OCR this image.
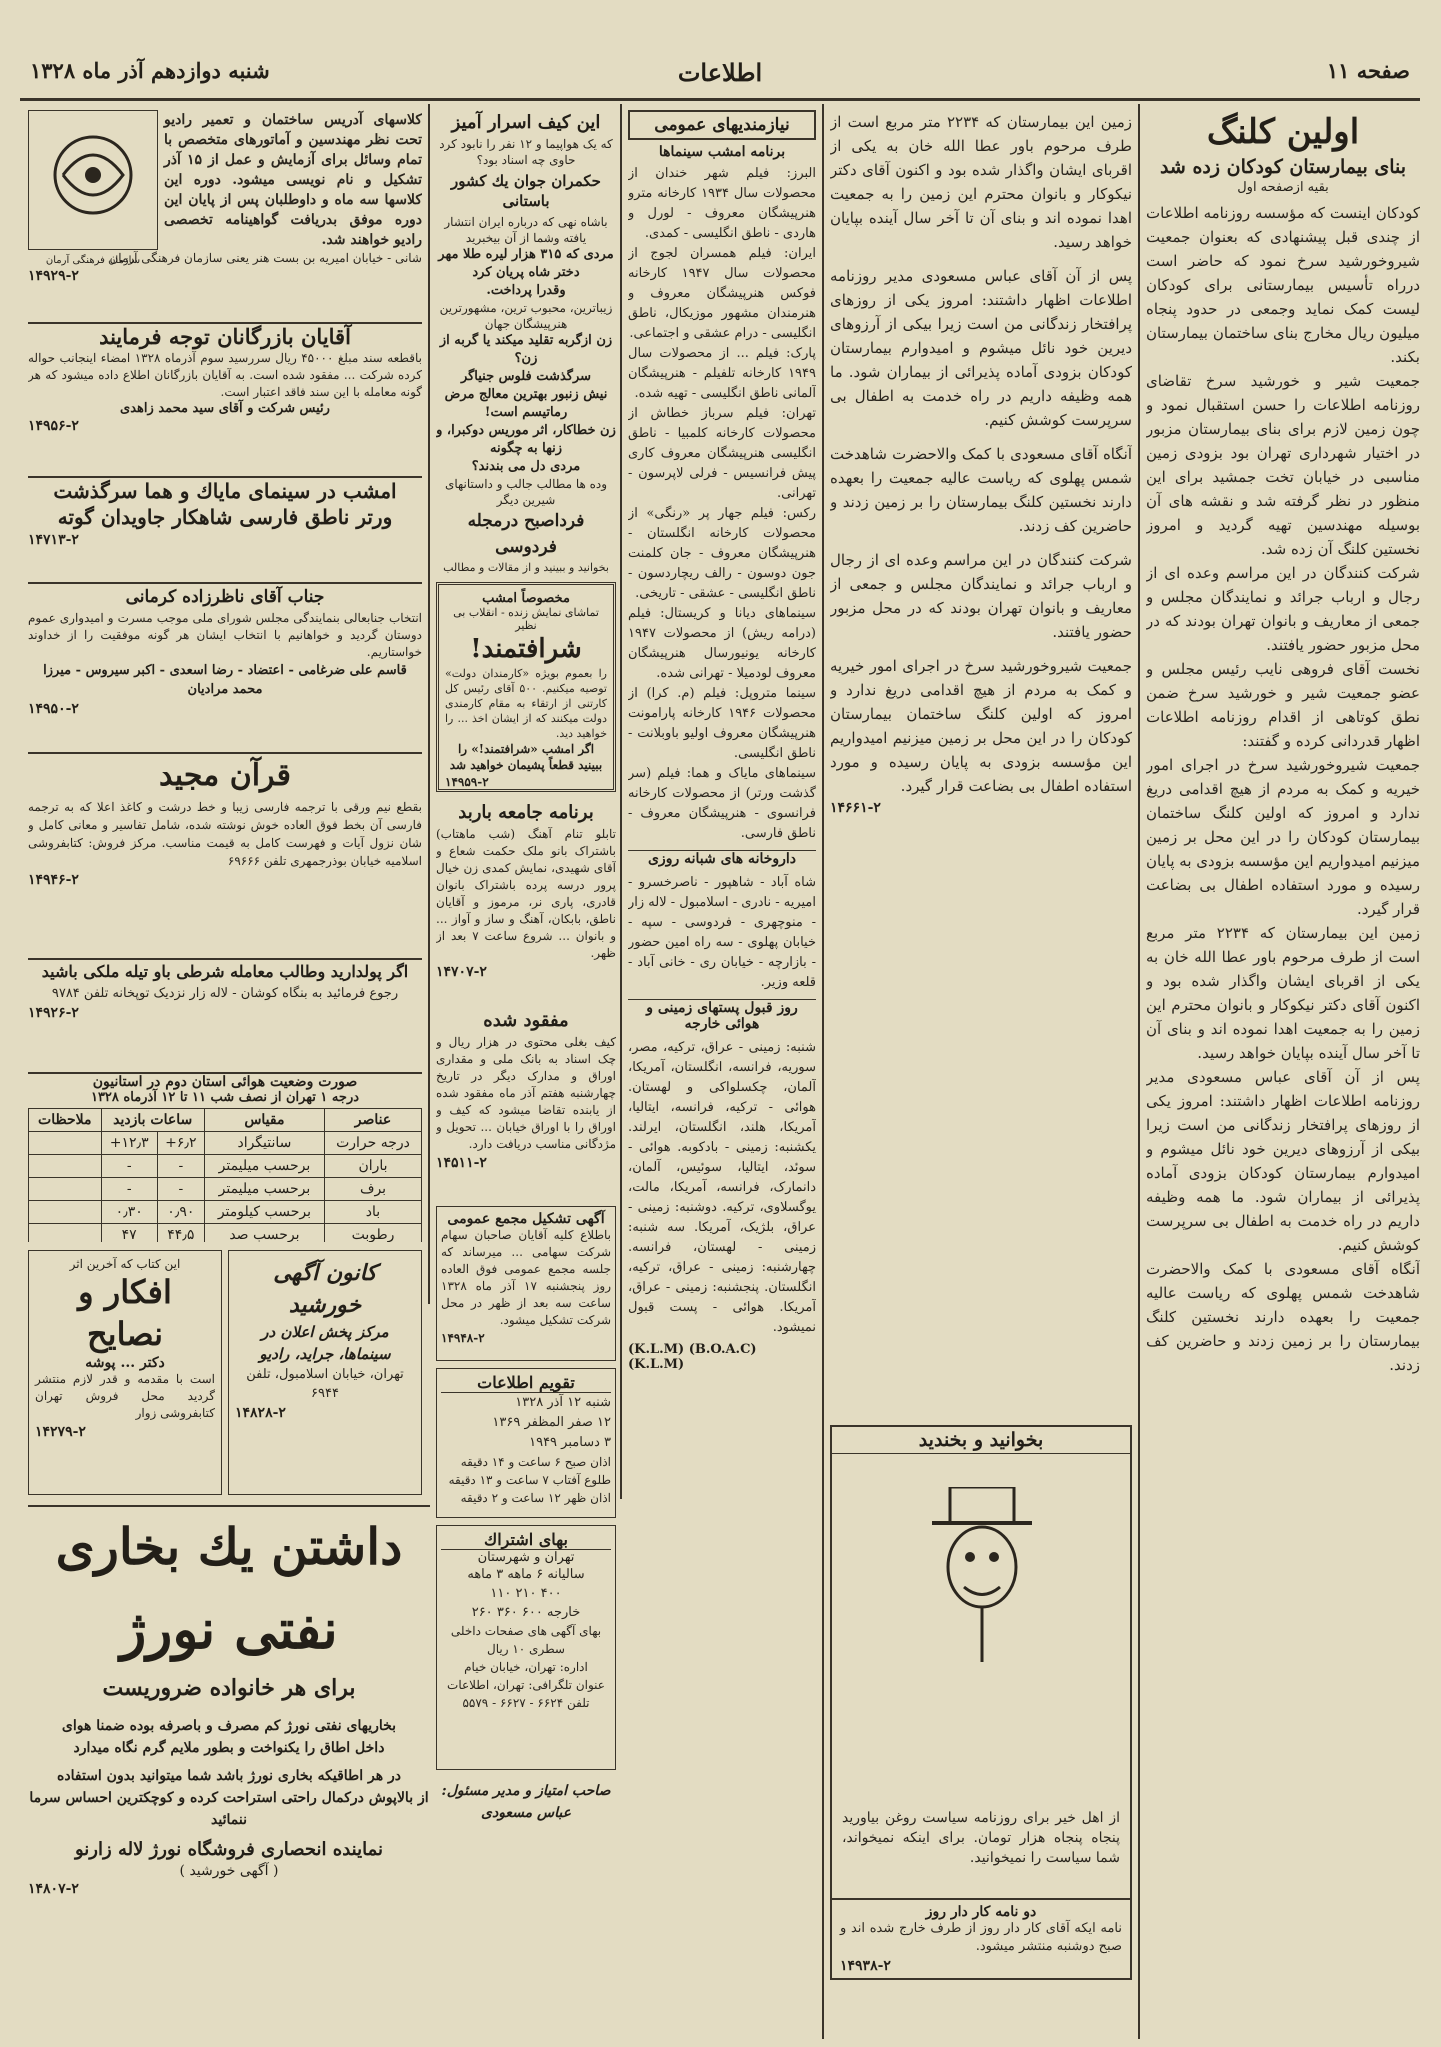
شنبه دوازدهم آذر ماه ۱۳۲۸	اطلاعات	صفحه ۱۱
اولین کلنگ
بنای بیمارستان کودکان زده شد
بقیه ازصفحه اول

کودکان اینست که مؤسسه روزنامه اطلاعات از چندی قبل پیشنهادی که بعنوان جمعیت شیروخورشید سرخ نمود که حاضر است درراه تأسیس بیمارستانی برای کودکان لیست کمک نماید وجمعی در حدود پنجاه میلیون ریال مخارج بنای ساختمان بیمارستان بکند.

جمعیت شیر و خورشید سرخ تقاضای روزنامه اطلاعات را حسن استقبال نمود و چون زمین لازم برای بنای بیمارستان مزبور در اختیار شهرداری تهران بود بزودی زمین مناسبی در خیابان تخت جمشید برای این منظور در نظر گرفته شد و نقشه های آن بوسیله مهندسین تهیه گردید و امروز نخستین کلنگ آن زده شد.

شرکت کنندگان در این مراسم وعده ای از رجال و ارباب جرائد و نمایندگان مجلس و جمعی از معاریف و بانوان تهران بودند که در محل مزبور حضور یافتند.

نخست آقای فروهی نایب رئیس مجلس و عضو جمعیت شیر و خورشید سرخ ضمن نطق کوتاهی از اقدام روزنامه اطلاعات اظهار قدردانی کرده و گفتند:

جمعیت شیروخورشید سرخ در اجرای امور خیریه و کمک به مردم از هیچ اقدامی دریغ ندارد و امروز که اولین کلنگ ساختمان بیمارستان کودکان را در این محل بر زمین میزنیم امیدواریم این مؤسسه بزودی به پایان رسیده و مورد استفاده اطفال بی بضاعت قرار گیرد.

زمین این بیمارستان که ۲۲۳۴ متر مربع است از طرف مرحوم باور عطا الله خان به یکی از اقربای ایشان واگذار شده بود و اکنون آقای دکتر نیکوکار و بانوان محترم این زمین را به جمعیت اهدا نموده اند و بنای آن تا آخر سال آینده بپایان خواهد رسید.

پس از آن آقای عباس مسعودی مدیر روزنامه اطلاعات اظهار داشتند: امروز یکی از روزهای پرافتخار زندگانی من است زیرا بیکی از آرزوهای دیرین خود نائل میشوم و امیدوارم بیمارستان کودکان بزودی آماده پذیرائی از بیماران شود. ما همه وظیفه داریم در راه خدمت به اطفال بی سرپرست کوشش کنیم.

آنگاه آقای مسعودی با کمک والاحضرت شاهدخت شمس پهلوی که ریاست عالیه جمعیت را بعهده دارند نخستین کلنگ بیمارستان را بر زمین زدند و حاضرین کف زدند.

زمین این بیمارستان که ۲۲۳۴ متر مربع است از طرف مرحوم باور عطا الله خان به یکی از اقربای ایشان واگذار شده بود و اکنون آقای دکتر نیکوکار و بانوان محترم این زمین را به جمعیت اهدا نموده اند و بنای آن تا آخر سال آینده بپایان خواهد رسید.

پس از آن آقای عباس مسعودی مدیر روزنامه اطلاعات اظهار داشتند: امروز یکی از روزهای پرافتخار زندگانی من است زیرا بیکی از آرزوهای دیرین خود نائل میشوم و امیدوارم بیمارستان کودکان بزودی آماده پذیرائی از بیماران شود. ما همه وظیفه داریم در راه خدمت به اطفال بی سرپرست کوشش کنیم.

آنگاه آقای مسعودی با کمک والاحضرت شاهدخت شمس پهلوی که ریاست عالیه جمعیت را بعهده دارند نخستین کلنگ بیمارستان را بر زمین زدند و حاضرین کف زدند.

شرکت کنندگان در این مراسم وعده ای از رجال و ارباب جرائد و نمایندگان مجلس و جمعی از معاریف و بانوان تهران بودند که در محل مزبور حضور یافتند.

جمعیت شیروخورشید سرخ در اجرای امور خیریه و کمک به مردم از هیچ اقدامی دریغ ندارد و امروز که اولین کلنگ ساختمان بیمارستان کودکان را در این محل بر زمین میزنیم امیدواریم این مؤسسه بزودی به پایان رسیده و مورد استفاده اطفال بی بضاعت قرار گیرد.

۱۴۶۶۱-۲
بخوانید و بخندید
از اهل خیر برای روزنامه سیاست روغن بیاورید پنجاه پنجاه هزار تومان. برای اینکه نمیخواند، شما سیاست را نمیخوانید.
دو نامه کار دار روز
نامه ایکه آقای کار دار روز از طرف خارج شده اند و صبح دوشنبه منتشر میشود.
۱۴۹۳۸-۲
نیازمندیهای عمومی
برنامه امشب سینماها

البرز: فیلم شهر خندان از محصولات سال ۱۹۳۴ کارخانه مترو هنرپیشگان معروف - لورل و هاردی - ناطق انگلیسی - کمدی.

ایران: فیلم همسران لجوج از محصولات سال ۱۹۴۷ کارخانه فوکس هنرپیشگان معروف و هنرمندان مشهور موزیکال، ناطق انگلیسی - درام عشقی و اجتماعی.

پارک: فیلم ... از محصولات سال ۱۹۴۹ کارخانه تلفیلم - هنرپیشگان آلمانی ناطق انگلیسی - تهیه شده.

تهران: فیلم سرباز خطاش از محصولات کارخانه کلمبیا - ناطق انگلیسی هنرپیشگان معروف کاری پیش فرانسیس - فرلی لاپرسون - تهرانی.

رکس: فیلم جهار پر «رنگی» از محصولات کارخانه انگلستان - هنرپیشگان معروف - جان کلمنت جون دوسون - رالف ریچاردسون - ناطق انگلیسی - عشقی - تاریخی.

سینماهای دیانا و کریستال: فیلم (درامه ریش) از محصولات ۱۹۴۷ کارخانه یونیورسال هنرپیشگان معروف لودمیلا - تهرانی شده.

سینما متروپل: فیلم (م. کرا) از محصولات ۱۹۴۶ کارخانه پارامونت هنرپیشگان معروف اولیو باوبلانت - ناطق انگلیسی.

سینماهای مایاک و هما: فیلم (سر گذشت ورتر) از محصولات کارخانه فرانسوی - هنرپیشگان معروف - ناطق فارسی.

داروخانه های شبانه روزی

شاه آباد - شاهپور - ناصرخسرو - امیریه - نادری - اسلامبول - لاله زار - منوچهری - فردوسی - سپه - خیابان پهلوی - سه راه امین حضور - بازارچه - خیابان ری - خانی آباد - قلعه وزیر.

روز قبول پستهای زمینی و هوائی خارجه

شنبه: زمینی - عراق، ترکیه، مصر، سوریه، فرانسه، انگلستان، آمریکا، آلمان، چکسلواکی و لهستان. هوائی - ترکیه، فرانسه، ایتالیا، آمریکا، هلند، انگلستان، ایرلند. یکشنبه: زمینی - بادکوبه. هوائی - سوئد، ایتالیا، سوئیس، آلمان، دانمارک، فرانسه، آمریکا، مالت، یوگسلاوی، ترکیه. دوشنبه: زمینی - عراق، بلژیک، آمریکا. سه شنبه: زمینی - لهستان، فرانسه. چهارشنبه: زمینی - عراق، ترکیه، انگلستان. پنجشنبه: زمینی - عراق، آمریکا. هوائی - پست قبول نمیشود.

(K.L.M) (B.O.A.C) (K.L.M)
این کیف اسرار آمیز
که یک هواپیما و ۱۲ نفر را نابود کرد حاوی چه اسناد بود؟
حکمران جوان یك كشور باستانی
باشاه نهی که درباره ایران انتشار یافته وشما از آن بیخبرید
مردی که ۳۱۵ هزار لیره طلا مهر دختر شاه پریان کرد
وقدرا پرداخت.
زیباترین، محبوب ترین، مشهورترین هنرپیشگان جهان
زن ازگربه تقلید میکند یا گربه از زن؟
سرگذشت فلوس جنیاگر
نیش زنبور بهترین معالج مرض رماتیسم است!
زن خطاکار، اثر موریس دوکبرا، و زنها به چگونه
مردی دل می بندند؟
وده ها مطالب جالب و داستانهای شیرین دیگر
فرداصبح درمجله فردوسی
بخوانید و ببینید و از مقالات و مطالب
مخصوصاً امشب
تماشای نمایش زنده - انقلاب بی نظیر
شرافتمند!
را بعموم بویژه «کارمندان دولت» توصیه میکنیم. ۵۰۰ آقای رئیس کل کارتنی از ارتقاء به مقام کارمندی دولت میکنند که از ایشان اخذ ... را خواهید دید.
اگر امشب «شرافتمند!» را ببینید قطعاً پشیمان خواهید شد
۱۴۹۵۹-۲
برنامه جامعه باربد
تابلو تنام آهنگ (شب ماهتاب) باشتراک بانو ملک حکمت شعاع و آقای شهیدی، نمایش کمدی زن خیال پرور درسه پرده باشتراک بانوان قادری، پاری نر، مرموز و آقایان ناطق، بابکان، آهنگ و ساز و آواز ... و بانوان ... شروع ساعت ۷ بعد از ظهر.
۱۴۷۰۷-۲
مفقود شده
کیف بغلی محتوی در هزار ریال و چک اسناد به بانک ملی و مقداری اوراق و مدارک دیگر در تاریخ چهارشنبه هفتم آذر ماه مفقود شده از یابنده تقاضا میشود که کیف و اوراق را با اوراق خیابان ... تحویل و مژدگانی مناسب دریافت دارد.
۱۴۵۱۱-۲
آگهی تشکیل مجمع عمومی
باطلاع کلیه آقایان صاحبان سهام شرکت سهامی ... میرساند که جلسه مجمع عمومی فوق العاده روز پنجشنبه ۱۷ آذر ماه ۱۳۲۸ ساعت سه بعد از ظهر در محل شرکت تشکیل میشود.
۱۴۹۴۸-۲
تقویم اطلاعات
شنبه ۱۲ آذر ۱۳۲۸
۱۲ صفر المظفر ۱۳۶۹
۳ دسامبر ۱۹۴۹
اذان صبح ۶ ساعت و ۱۴ دقیقه
طلوع آفتاب ۷ ساعت و ۱۳ دقیقه
اذان ظهر ۱۲ ساعت و ۲ دقیقه
بهای اشتراك
تهران و شهرستان
سالیانه ۶ ماهه ۳ ماهه
۴۰۰ ۲۱۰ ۱۱۰
خارجه ۶۰۰ ۳۶۰ ۲۶۰
بهای آگهی های صفحات داخلی
سطری ۱۰ ریال
اداره: تهران، خیابان خیام
عنوان تلگرافی: تهران، اطلاعات
تلفن ۶۶۲۴ - ۶۶۲۷ - ۵۵۷۹
صاحب امتیاز و مدیر مسئول: عباس مسعودی
سازمان فرهنگی آرمان
کلاسهای آدریس ساختمان و تعمیر رادیو تحت نظر مهندسین و آماتورهای متخصص با تمام وسائل برای آزمایش و عمل از ۱۵ آذر تشکیل و نام نویسی میشود. دوره این کلاسها سه ماه و داوطلبان پس از پایان این دوره موفق بدریافت گواهینامه تخصصی رادیو خواهند شد.
شانی - خیابان امیریه بن بست هنر یعنی سازمان فرهنگی آرمان
۱۴۹۲۹-۲
آقایان بازرگانان توجه فرمایند
باقطعه سند مبلغ ۴۵۰۰۰ ریال سررسید سوم آذرماه ۱۳۲۸ امضاء اینجانب حواله کرده شرکت ... مفقود شده است. به آقایان بازرگانان اطلاع داده میشود که هر گونه معامله با این سند فاقد اعتبار است.
رئیس شرکت و آقای سید محمد زاهدی
۱۴۹۵۶-۲
امشب در سینمای مایاك و هما سرگذشت
ورتر ناطق فارسی شاهکار جاویدان گوته
۱۴۷۱۳-۲
جناب آقای ناظرزاده کرمانی
انتخاب جنابعالی بنمایندگی مجلس شورای ملی موجب مسرت و امیدواری عموم دوستان گردید و خواهانیم با انتخاب ایشان هر گونه موفقیت را از خداوند خواستاریم.
قاسم علی ضرغامی - اعتضاد - رضا اسعدی - اکبر سیروس - میرزا محمد مرادیان
۱۴۹۵۰-۲
قرآن مجید
بقطع نیم ورقی با ترجمه فارسی زیبا و خط درشت و کاغذ اعلا که به ترجمه فارسی آن بخط فوق العاده خوش نوشته شده، شامل تفاسیر و معانی کامل و شان نزول آیات و فهرست کامل به قیمت مناسب. مرکز فروش: کتابفروشی اسلامیه خیابان بوذرجمهری تلفن ۶۹۶۶۶
۱۴۹۴۶-۲
اگر پولدارید وطالب معامله شرطی باو تیله ملکی باشید
رجوع فرمائید به بنگاه کوشان - لاله زار نزدیک توپخانه تلفن ۹۷۸۴
۱۴۹۲۶-۲
صورت وضعیت هوائی استان دوم در استانیون
درجه ۱ تهران از نصف شب ۱۱ تا ۱۲ آذرماه ۱۳۲۸
عناصر	مقیاس	ساعات بازدید		ملاحظات
درجه حرارت	سانتیگراد	۶٫۲+	۱۲٫۳+	
باران	برحسب میلیمتر	-	-	
برف	برحسب میلیمتر	-	-	
باد	برحسب کیلومتر	۰٫۹۰	۰٫۳۰	
رطوبت	برحسب صد	۴۴٫۵	۴۷	
کانون آگهی خورشید
مرکز پخش اعلان در سینماها، جراید، رادیو
تهران، خیابان اسلامبول، تلفن ۶۹۴۴
۱۴۸۲۸-۲
این کتاب که آخرین اثر
افکار و نصایح
دکتر ... پوشه
است با مقدمه و قدر لازم منتشر گردید محل فروش تهران کتابفروشی زوار
۱۴۲۷۹-۲
داشتن یك بخاری
نفتی نورژ
برای هر خانواده ضروریست
بخاریهای نفتی نورژ کم مصرف و باصرفه بوده ضمنا هوای
داخل اطاق را یکنواخت و بطور ملایم گرم نگاه میدارد
در هر اطاقیکه بخاری نورژ باشد شما میتوانید بدون استفاده
از بالاپوش درکمال راحتی استراحت کرده و کوچکترین احساس سرما ننمائید
نماینده انحصاری فروشگاه نورژ لاله زارنو
( آگهی خورشید )
۱۴۸۰۷-۲
